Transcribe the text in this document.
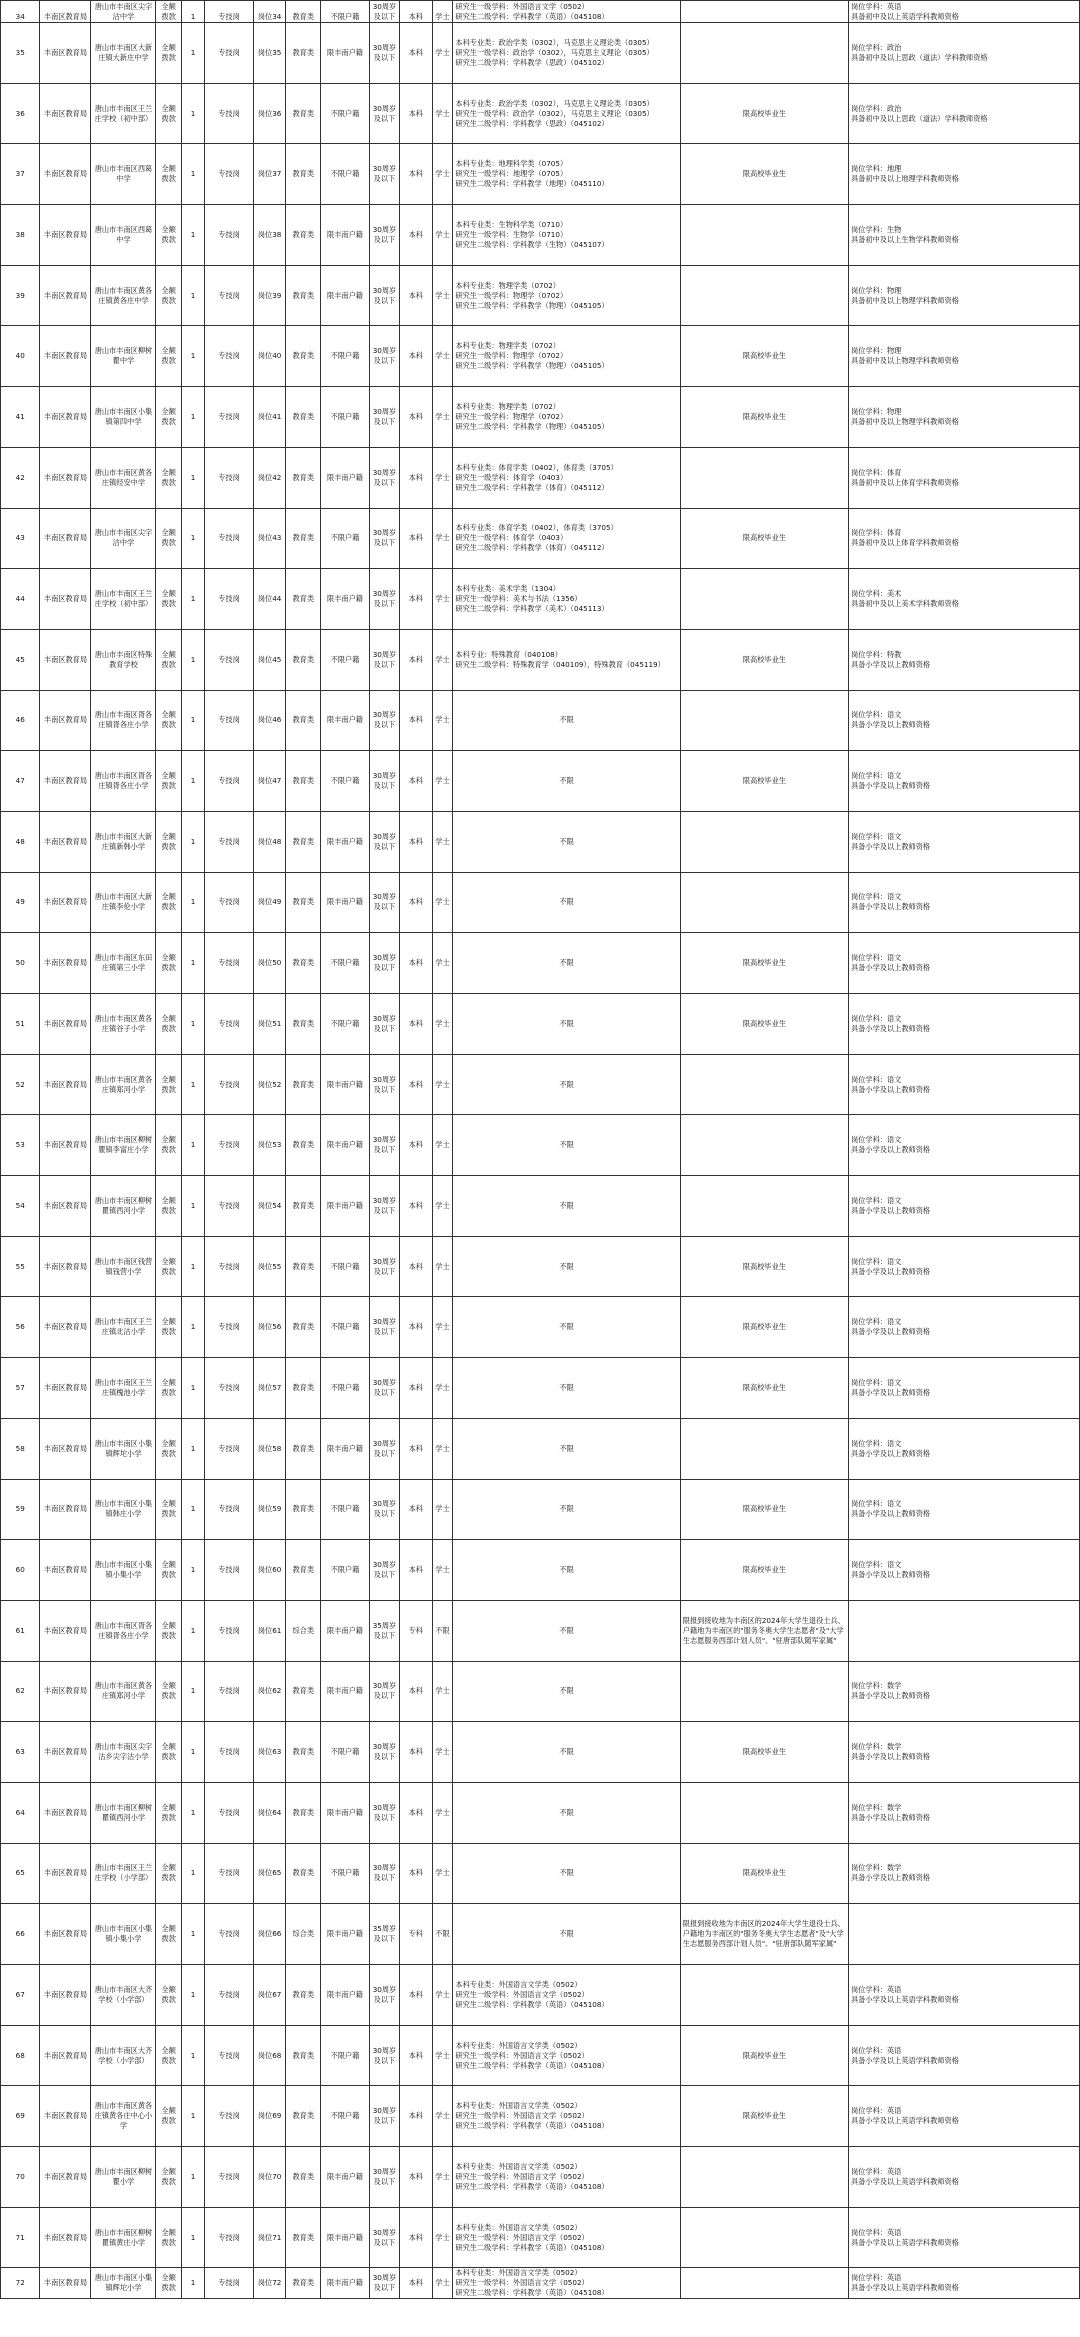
34	丰南区教育局	唐山市丰南区尖字沽中学	全额拨款	1	专技岗	岗位34	教育类	不限户籍	30周岁及以下	本科	学士	研究生一级学科：外国语言文学（0502）
研究生二级学科：学科教学（英语）（045108）		岗位学科：英语
具备初中及以上英语学科教师资格

35	丰南区教育局	唐山市丰南区大新庄镇大新庄中学	全额拨款	1	专技岗	岗位35	教育类	限丰南户籍	30周岁及以下	本科	学士	本科专业类：政治学类（0302），马克思主义理论类（0305）
研究生一级学科：政治学（0302），马克思主义理论（0305）
研究生二级学科：学科教学（思政）（045102）		岗位学科：政治
具备初中及以上思政（道法）学科教师资格

36	丰南区教育局	唐山市丰南区王兰庄学校（初中部）	全额拨款	1	专技岗	岗位36	教育类	不限户籍	30周岁及以下	本科	学士	本科专业类：政治学类（0302），马克思主义理论类（0305）
研究生一级学科：政治学（0302），马克思主义理论（0305）
研究生二级学科：学科教学（思政）（045102）	限高校毕业生	岗位学科：政治
具备初中及以上思政（道法）学科教师资格

37	丰南区教育局	唐山市丰南区西葛中学	全额拨款	1	专技岗	岗位37	教育类	不限户籍	30周岁及以下	本科	学士	本科专业类：地理科学类（0705）
研究生一级学科：地理学（0705）
研究生二级学科：学科教学（地理）（045110）	限高校毕业生	岗位学科：地理
具备初中及以上地理学科教师资格

38	丰南区教育局	唐山市丰南区西葛中学	全额拨款	1	专技岗	岗位38	教育类	限丰南户籍	30周岁及以下	本科	学士	本科专业类：生物科学类（0710）
研究生一级学科：生物学（0710）
研究生二级学科：学科教学（生物）（045107）		岗位学科：生物
具备初中及以上生物学科教师资格

39	丰南区教育局	唐山市丰南区黄各庄镇黄各庄中学	全额拨款	1	专技岗	岗位39	教育类	限丰南户籍	30周岁及以下	本科	学士	本科专业类：物理学类（0702）
研究生一级学科：物理学（0702）
研究生二级学科：学科教学（物理）（045105）		岗位学科：物理
具备初中及以上物理学科教师资格

40	丰南区教育局	唐山市丰南区柳树瞿中学	全额拨款	1	专技岗	岗位40	教育类	不限户籍	30周岁及以下	本科	学士	本科专业类：物理学类（0702）
研究生一级学科：物理学（0702）
研究生二级学科：学科教学（物理）（045105）	限高校毕业生	岗位学科：物理
具备初中及以上物理学科教师资格

41	丰南区教育局	唐山市丰南区小集镇第四中学	全额拨款	1	专技岗	岗位41	教育类	不限户籍	30周岁及以下	本科	学士	本科专业类：物理学类（0702）
研究生一级学科：物理学（0702）
研究生二级学科：学科教学（物理）（045105）	限高校毕业生	岗位学科：物理
具备初中及以上物理学科教师资格

42	丰南区教育局	唐山市丰南区黄各庄镇经安中学	全额拨款	1	专技岗	岗位42	教育类	限丰南户籍	30周岁及以下	本科	学士	本科专业类：体育学类（0402），体育类（3705）
研究生一级学科：体育学（0403）
研究生二级学科：学科教学（体育）（045112）		岗位学科：体育
具备初中及以上体育学科教师资格

43	丰南区教育局	唐山市丰南区尖字沽中学	全额拨款	1	专技岗	岗位43	教育类	不限户籍	30周岁及以下	本科	学士	本科专业类：体育学类（0402），体育类（3705）
研究生一级学科：体育学（0403）
研究生二级学科：学科教学（体育）（045112）	限高校毕业生	岗位学科：体育
具备初中及以上体育学科教师资格

44	丰南区教育局	唐山市丰南区王兰庄学校（初中部）	全额拨款	1	专技岗	岗位44	教育类	限丰南户籍	30周岁及以下	本科	学士	本科专业类：美术学类（1304）
研究生一级学科：美术与书法（1356）
研究生二级学科：学科教学（美术）（045113）		岗位学科：美术
具备初中及以上美术学科教师资格

45	丰南区教育局	唐山市丰南区特殊教育学校	全额拨款	1	专技岗	岗位45	教育类	不限户籍	30周岁及以下	本科	学士	本科专业：特殊教育（040108）
研究生二级学科：特殊教育学（040109），特殊教育（045119）	限高校毕业生	岗位学科：特教
具备小学及以上教师资格

46	丰南区教育局	唐山市丰南区胥各庄镇胥各庄小学	全额拨款	1	专技岗	岗位46	教育类	限丰南户籍	30周岁及以下	本科	学士	不限		岗位学科：语文
具备小学及以上教师资格

47	丰南区教育局	唐山市丰南区胥各庄镇胥各庄小学	全额拨款	1	专技岗	岗位47	教育类	不限户籍	30周岁及以下	本科	学士	不限	限高校毕业生	岗位学科：语文
具备小学及以上教师资格

48	丰南区教育局	唐山市丰南区大新庄镇新韩小学	全额拨款	1	专技岗	岗位48	教育类	限丰南户籍	30周岁及以下	本科	学士	不限		岗位学科：语文
具备小学及以上教师资格

49	丰南区教育局	唐山市丰南区大新庄镇李伦小学	全额拨款	1	专技岗	岗位49	教育类	限丰南户籍	30周岁及以下	本科	学士	不限		岗位学科：语文
具备小学及以上教师资格

50	丰南区教育局	唐山市丰南区东田庄镇第三小学	全额拨款	1	专技岗	岗位50	教育类	不限户籍	30周岁及以下	本科	学士	不限	限高校毕业生	岗位学科：语文
具备小学及以上教师资格

51	丰南区教育局	唐山市丰南区黄各庄镇谷子小学	全额拨款	1	专技岗	岗位51	教育类	不限户籍	30周岁及以下	本科	学士	不限	限高校毕业生	岗位学科：语文
具备小学及以上教师资格

52	丰南区教育局	唐山市丰南区黄各庄镇郑河小学	全额拨款	1	专技岗	岗位52	教育类	限丰南户籍	30周岁及以下	本科	学士	不限		岗位学科：语文
具备小学及以上教师资格

53	丰南区教育局	唐山市丰南区柳树瞿镇李富庄小学	全额拨款	1	专技岗	岗位53	教育类	限丰南户籍	30周岁及以下	本科	学士	不限		岗位学科：语文
具备小学及以上教师资格

54	丰南区教育局	唐山市丰南区柳树瞿镇西河小学	全额拨款	1	专技岗	岗位54	教育类	限丰南户籍	30周岁及以下	本科	学士	不限		岗位学科：语文
具备小学及以上教师资格

55	丰南区教育局	唐山市丰南区钱营镇钱营小学	全额拨款	1	专技岗	岗位55	教育类	不限户籍	30周岁及以下	本科	学士	不限	限高校毕业生	岗位学科：语文
具备小学及以上教师资格

56	丰南区教育局	唐山市丰南区王兰庄镇北沽小学	全额拨款	1	专技岗	岗位56	教育类	不限户籍	30周岁及以下	本科	学士	不限	限高校毕业生	岗位学科：语文
具备小学及以上教师资格

57	丰南区教育局	唐山市丰南区王兰庄镇槐池小学	全额拨款	1	专技岗	岗位57	教育类	不限户籍	30周岁及以下	本科	学士	不限	限高校毕业生	岗位学科：语文
具备小学及以上教师资格

58	丰南区教育局	唐山市丰南区小集镇辉坨小学	全额拨款	1	专技岗	岗位58	教育类	限丰南户籍	30周岁及以下	本科	学士	不限		岗位学科：语文
具备小学及以上教师资格

59	丰南区教育局	唐山市丰南区小集镇韩庄小学	全额拨款	1	专技岗	岗位59	教育类	不限户籍	30周岁及以下	本科	学士	不限	限高校毕业生	岗位学科：语文
具备小学及以上教师资格

60	丰南区教育局	唐山市丰南区小集镇小集小学	全额拨款	1	专技岗	岗位60	教育类	不限户籍	30周岁及以下	本科	学士	不限	限高校毕业生	岗位学科：语文
具备小学及以上教师资格

61	丰南区教育局	唐山市丰南区胥各庄镇胥各庄小学	全额拨款	1	专技岗	岗位61	综合类	限丰南户籍	35周岁及以下	专科	不限	不限	限报到接收地为丰南区的2024年大学生退役士兵、户籍地为丰南区的"服务冬奥大学生志愿者"及"大学生志愿服务西部计划人员"、"驻唐部队随军家属"	
62	丰南区教育局	唐山市丰南区黄各庄镇郑河小学	全额拨款	1	专技岗	岗位62	教育类	限丰南户籍	30周岁及以下	本科	学士	不限		岗位学科：数学
具备小学及以上教师资格

63	丰南区教育局	唐山市丰南区尖字沽乡尖字沽小学	全额拨款	1	专技岗	岗位63	教育类	不限户籍	30周岁及以下	本科	学士	不限	限高校毕业生	岗位学科：数学
具备小学及以上教师资格

64	丰南区教育局	唐山市丰南区柳树瞿镇西河小学	全额拨款	1	专技岗	岗位64	教育类	限丰南户籍	30周岁及以下	本科	学士	不限		岗位学科：数学
具备小学及以上教师资格

65	丰南区教育局	唐山市丰南区王兰庄学校（小学部）	全额拨款	1	专技岗	岗位65	教育类	不限户籍	30周岁及以下	本科	学士	不限	限高校毕业生	岗位学科：数学
具备小学及以上教师资格

66	丰南区教育局	唐山市丰南区小集镇小集小学	全额拨款	1	专技岗	岗位66	综合类	限丰南户籍	35周岁及以下	专科	不限	不限	限报到接收地为丰南区的2024年大学生退役士兵、户籍地为丰南区的"服务冬奥大学生志愿者"及"大学生志愿服务西部计划人员"、"驻唐部队随军家属"	
67	丰南区教育局	唐山市丰南区大齐学校（小学部）	全额拨款	1	专技岗	岗位67	教育类	限丰南户籍	30周岁及以下	本科	学士	本科专业类：外国语言文学类（0502）
研究生一级学科：外国语言文学（0502）
研究生二级学科：学科教学（英语）（045108）		岗位学科：英语
具备小学及以上英语学科教师资格

68	丰南区教育局	唐山市丰南区大齐学校（小学部）	全额拨款	1	专技岗	岗位68	教育类	不限户籍	30周岁及以下	本科	学士	本科专业类：外国语言文学类（0502）
研究生一级学科：外国语言文学（0502）
研究生二级学科：学科教学（英语）（045108）	限高校毕业生	岗位学科：英语
具备小学及以上英语学科教师资格

69	丰南区教育局	唐山市丰南区黄各庄镇黄各庄中心小学	全额拨款	1	专技岗	岗位69	教育类	不限户籍	30周岁及以下	本科	学士	本科专业类：外国语言文学类（0502）
研究生一级学科：外国语言文学（0502）
研究生二级学科：学科教学（英语）（045108）	限高校毕业生	岗位学科：英语
具备小学及以上英语学科教师资格

70	丰南区教育局	唐山市丰南区柳树瞿小学	全额拨款	1	专技岗	岗位70	教育类	限丰南户籍	30周岁及以下	本科	学士	本科专业类：外国语言文学类（0502）
研究生一级学科：外国语言文学（0502）
研究生二级学科：学科教学（英语）（045108）		岗位学科：英语
具备小学及以上英语学科教师资格

71	丰南区教育局	唐山市丰南区柳树瞿镇黄庄小学	全额拨款	1	专技岗	岗位71	教育类	限丰南户籍	30周岁及以下	本科	学士	本科专业类：外国语言文学类（0502）
研究生一级学科：外国语言文学（0502）
研究生二级学科：学科教学（英语）（045108）		岗位学科：英语
具备小学及以上英语学科教师资格

72	丰南区教育局	唐山市丰南区小集镇辉坨小学	全额拨款	1	专技岗	岗位72	教育类	限丰南户籍	30周岁及以下	本科	学士	本科专业类：外国语言文学类（0502）
研究生一级学科：外国语言文学（0502）
研究生二级学科：学科教学（英语）（045108）		岗位学科：英语
具备小学及以上英语学科教师资格
